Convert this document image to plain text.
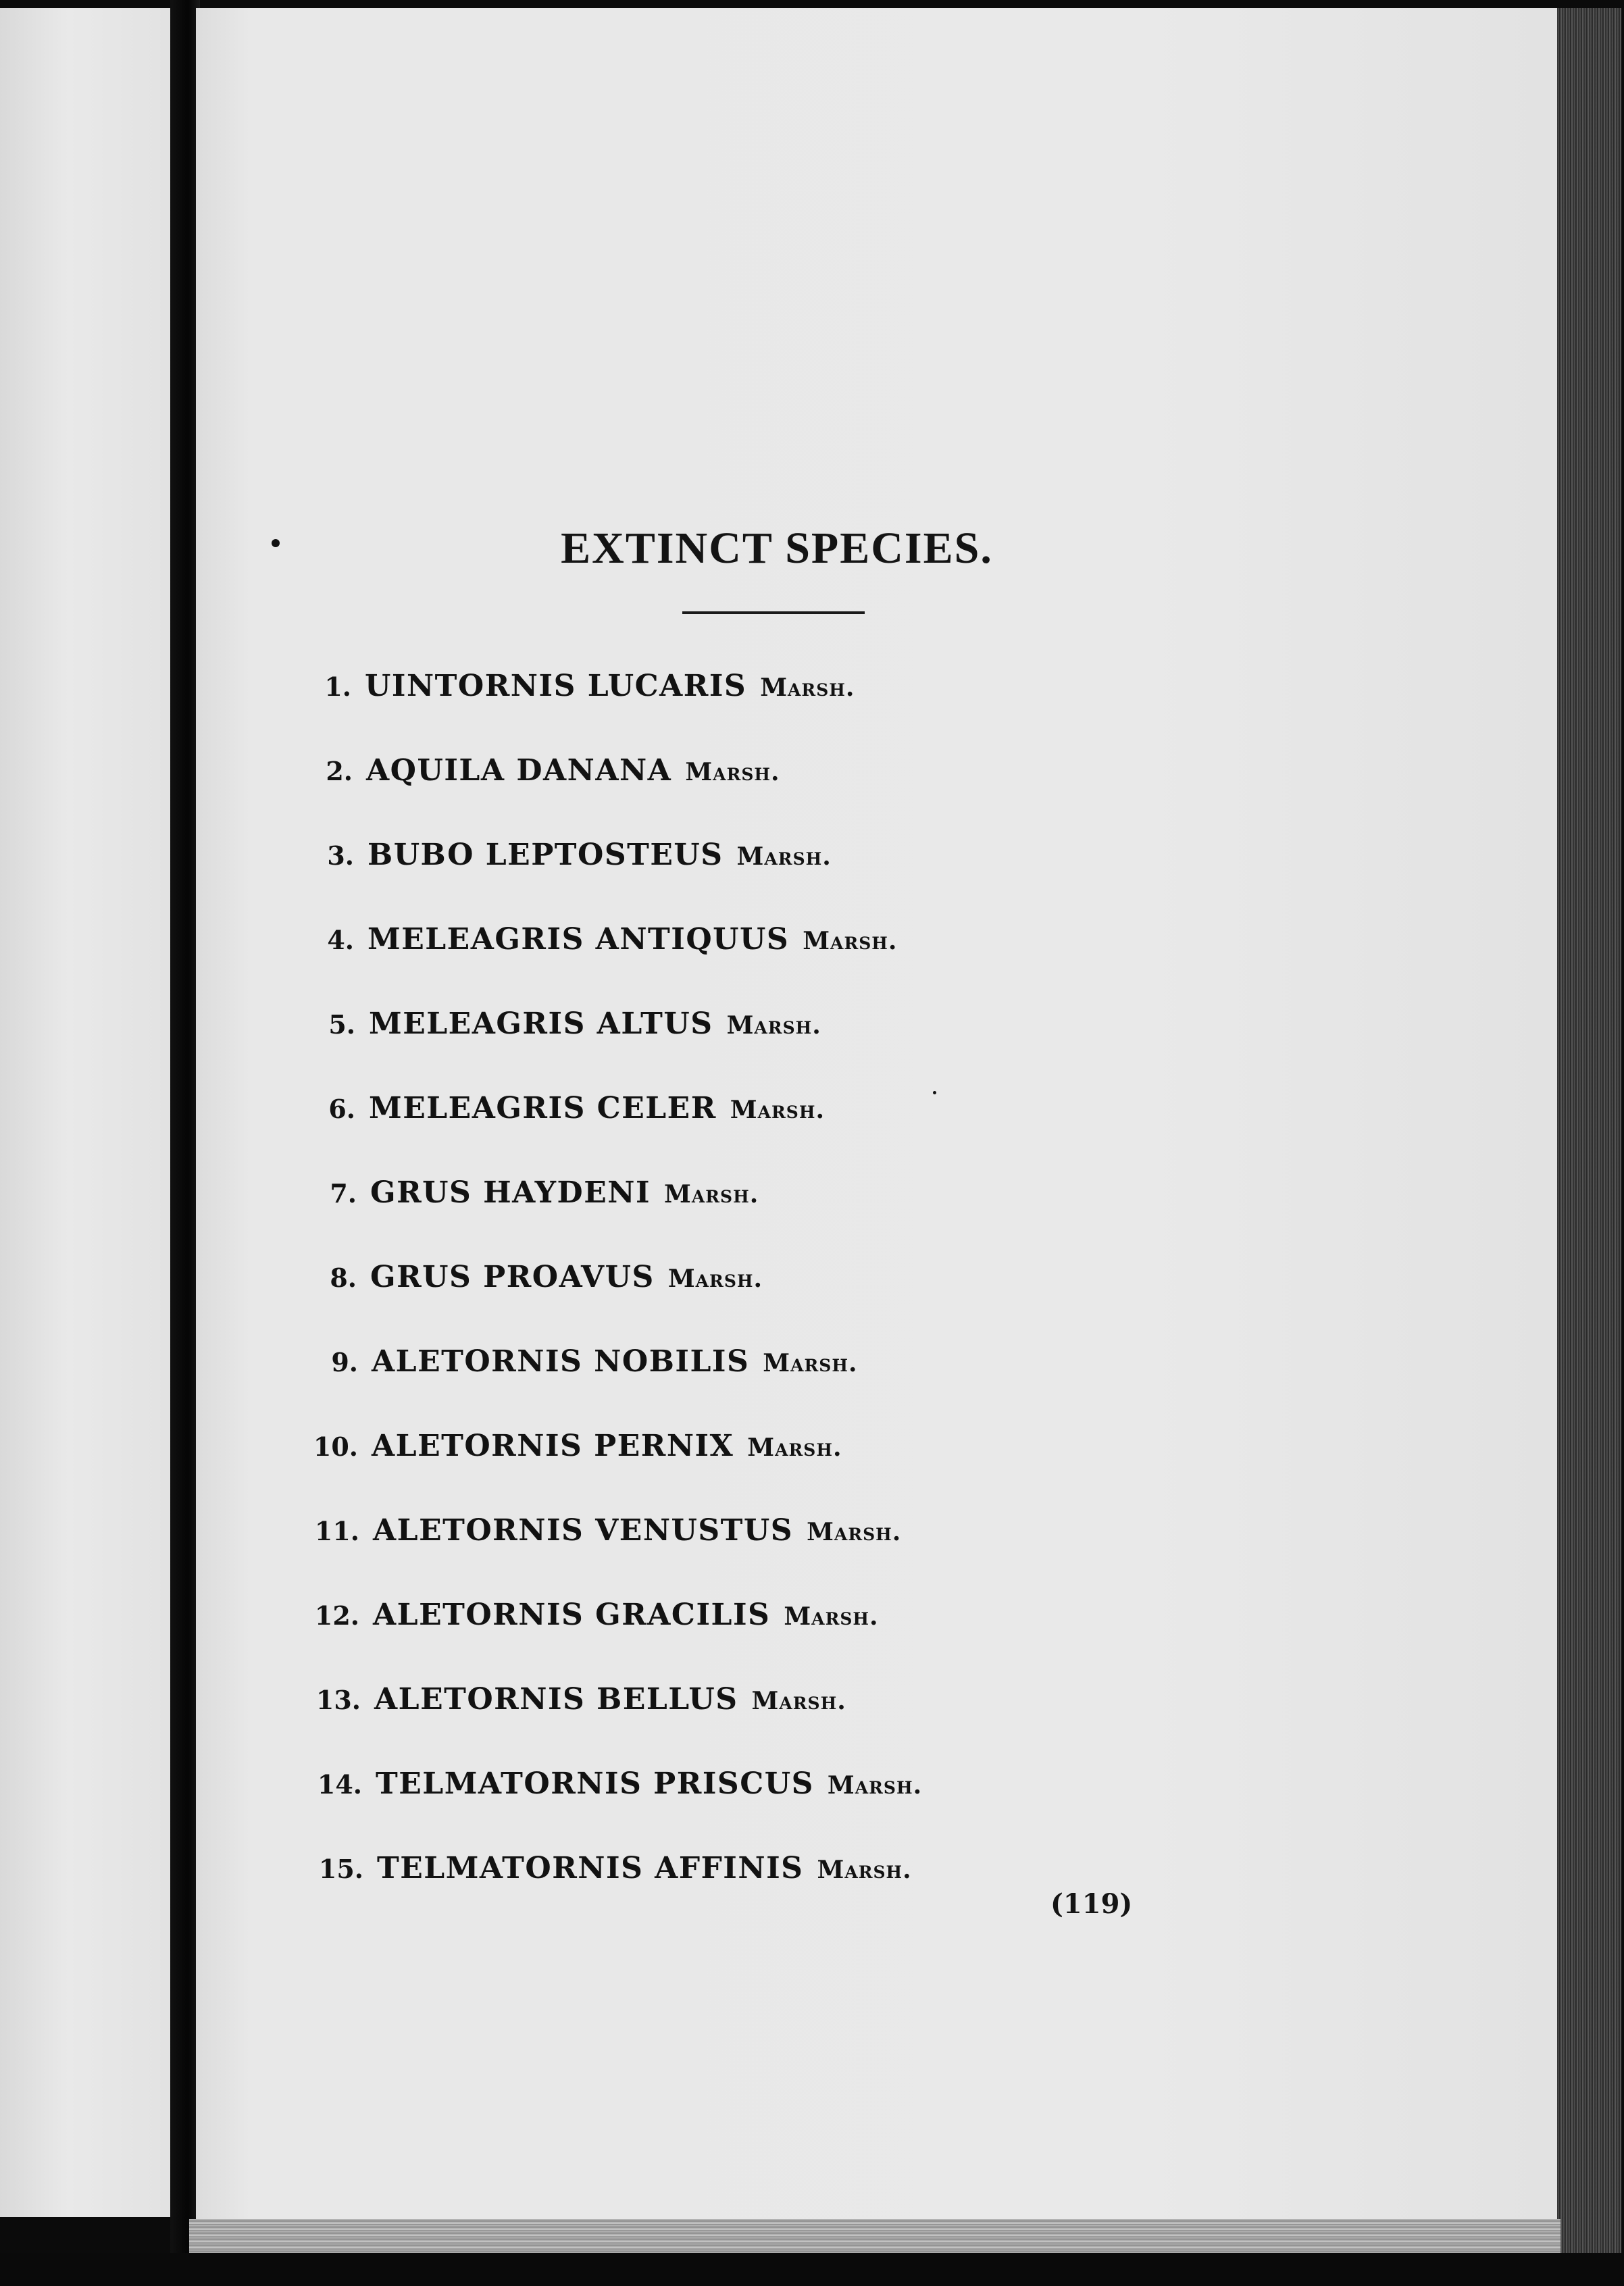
EXTINCT SPECIES.
1. UINTORNIS LUCARIS Marsh.
2. AQUILA DANANA Marsh.
3. BUBO LEPTOSTEUS Marsh.
4. MELEAGRIS ANTIQUUS Marsh.
5. MELEAGRIS ALTUS Marsh.
6. MELEAGRIS CELER Marsh.
7. GRUS HAYDENI Marsh.
8. GRUS PROAVUS Marsh.
9. ALETORNIS NOBILIS Marsh.
10. ALETORNIS PERNIX Marsh.
11. ALETORNIS VENUSTUS Marsh.
12. ALETORNIS GRACILIS Marsh.
13. ALETORNIS BELLUS Marsh.
14. TELMATORNIS PRISCUS Marsh.
15. TELMATORNIS AFFINIS Marsh.
(119)
